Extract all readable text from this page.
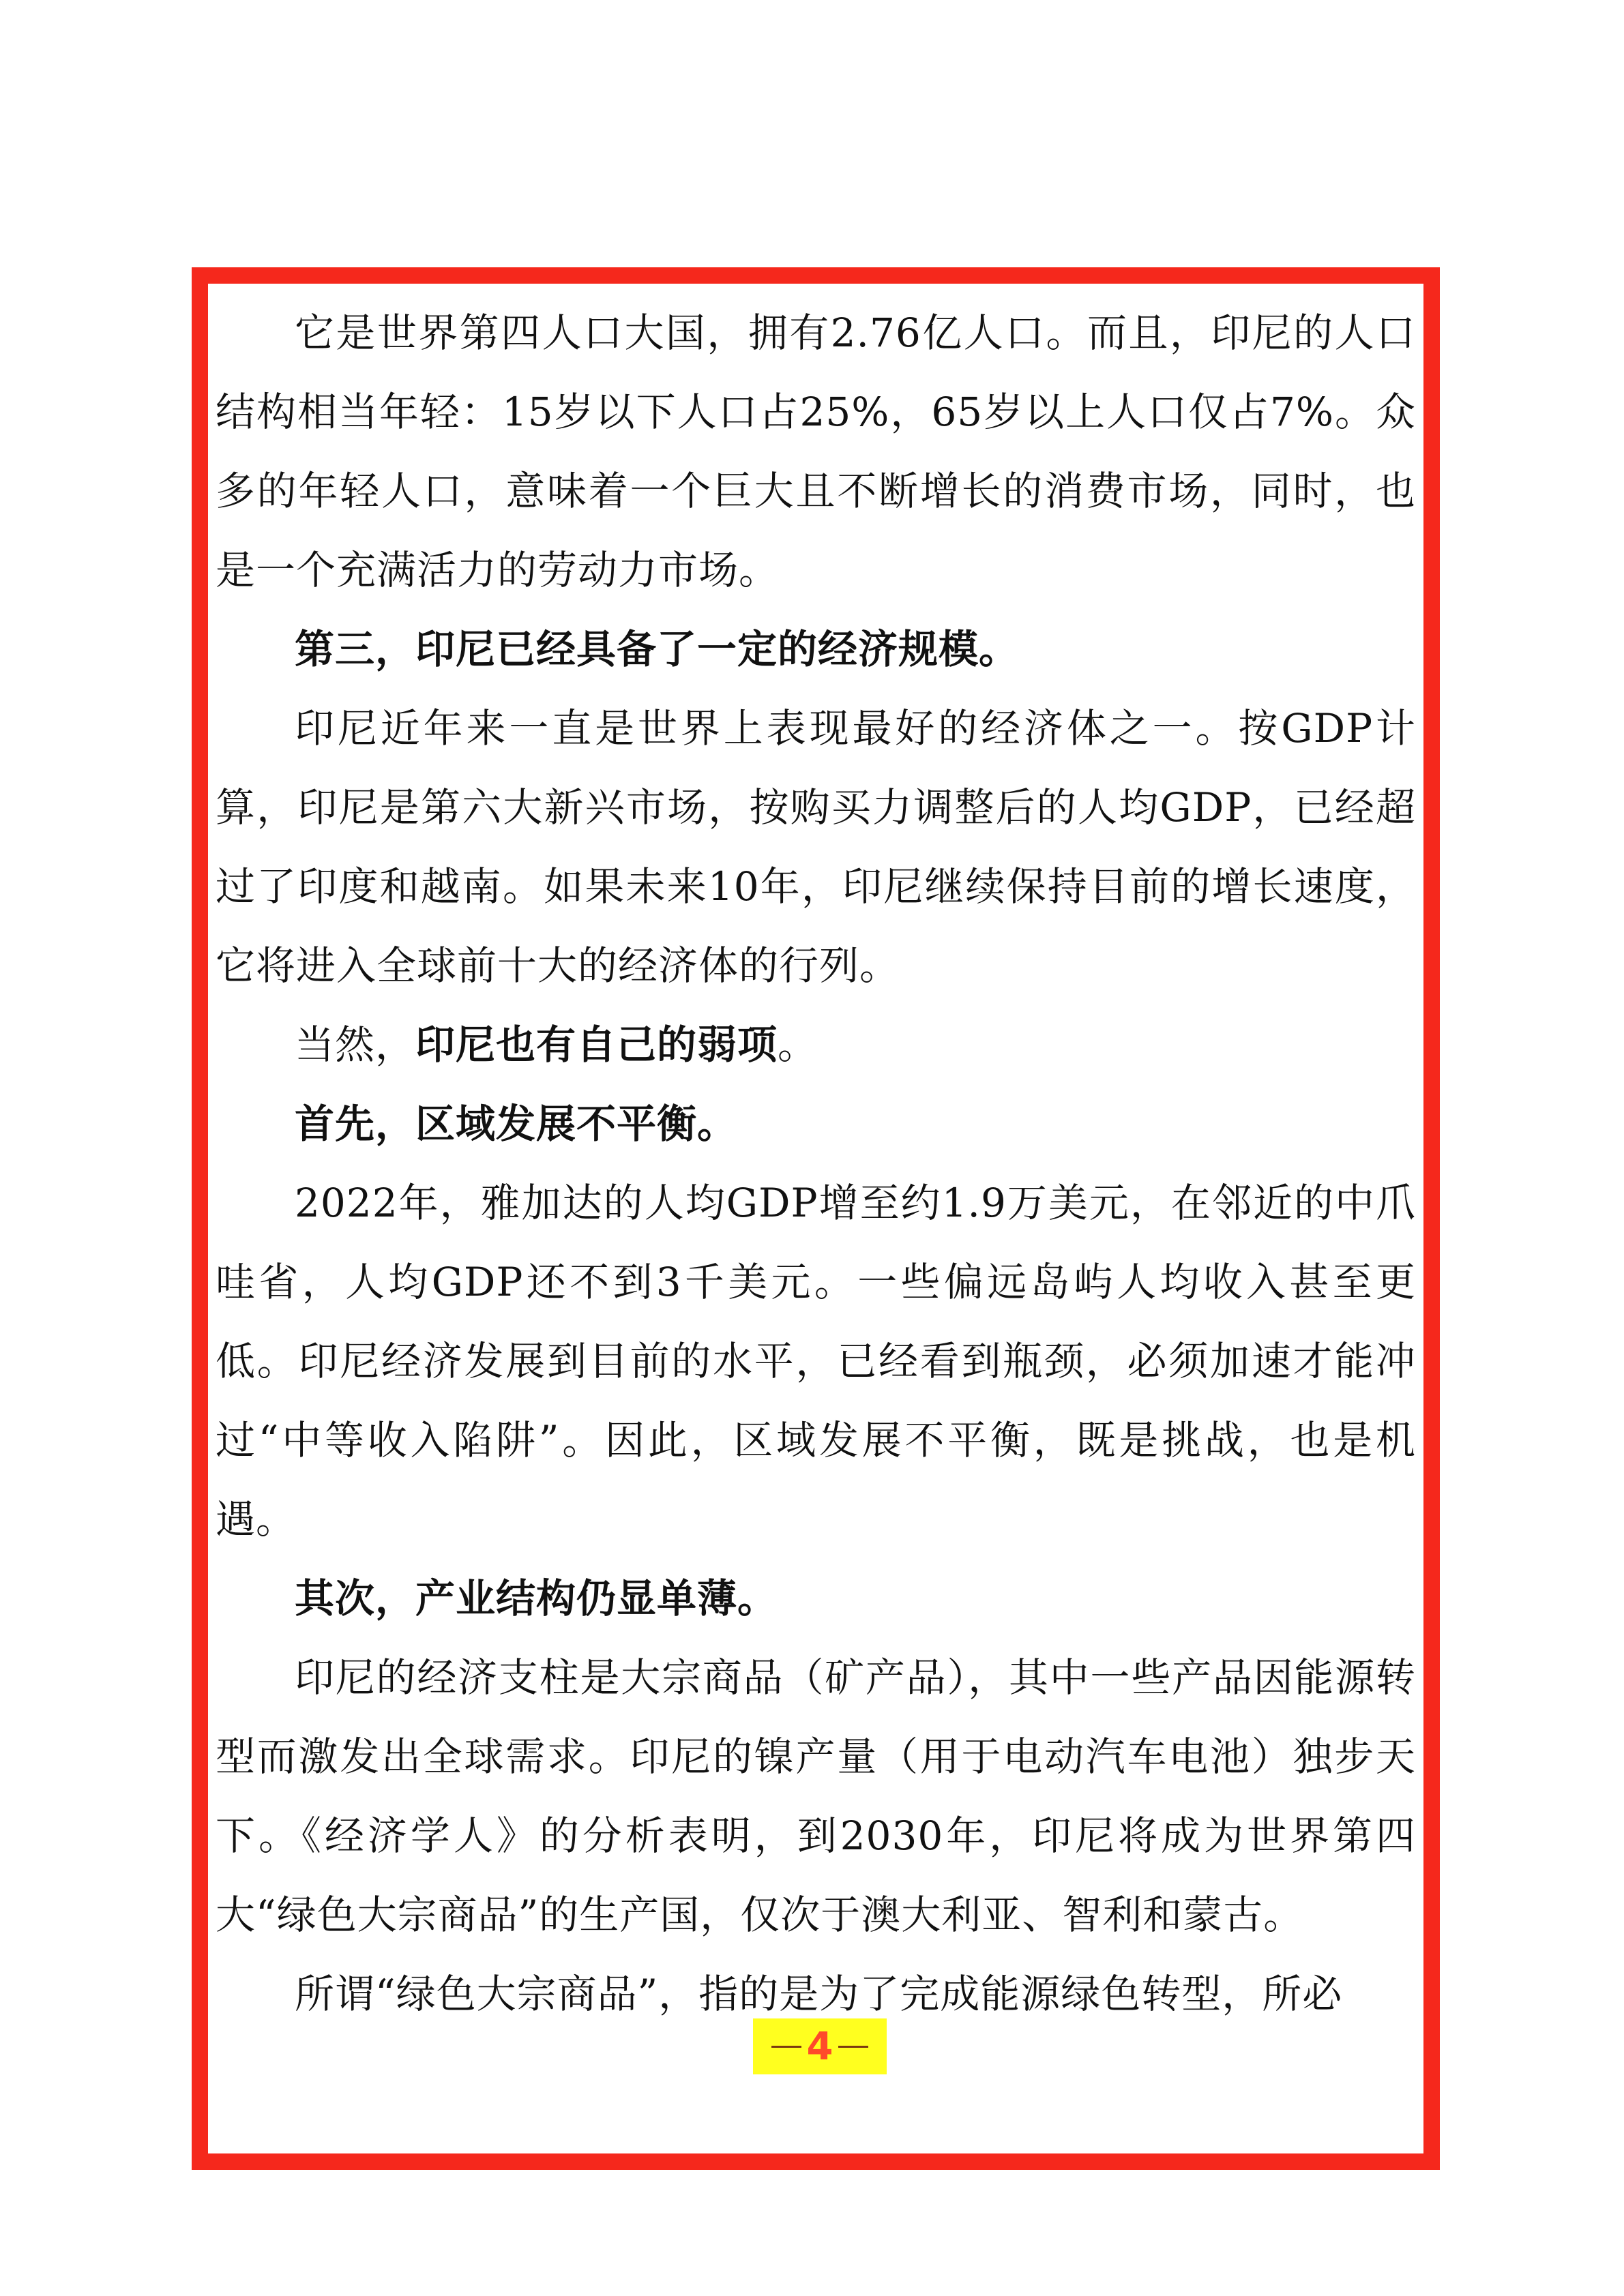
它是世界第四人口大国，拥有2.76亿人口。而且，印尼的人口结构相当年轻：15岁以下人口占25%，65岁以上人口仅占7%。众多的年轻人口，意味着一个巨大且不断增长的消费市场，同时，也是一个充满活力的劳动力市场。

第三，印尼已经具备了一定的经济规模。

印尼近年来一直是世界上表现最好的经济体之一。按GDP计算，印尼是第六大新兴市场，按购买力调整后的人均GDP，已经超过了印度和越南。如果未来10年，印尼继续保持目前的增长速度，它将进入全球前十大的经济体的行列。

当然，印尼也有自己的弱项。

首先，区域发展不平衡。

2022年，雅加达的人均GDP增至约1.9万美元，在邻近的中爪哇省，人均GDP还不到3千美元。一些偏远岛屿人均收入甚至更低。印尼经济发展到目前的水平，已经看到瓶颈，必须加速才能冲过“中等收入陷阱”。因此，区域发展不平衡，既是挑战，也是机遇。

其次，产业结构仍显单薄。

印尼的经济支柱是大宗商品（矿产品），其中一些产品因能源转型而激发出全球需求。印尼的镍产量（用于电动汽车电池）独步天下。《经济学人》的分析表明，到2030年，印尼将成为世界第四大“绿色大宗商品”的生产国，仅次于澳大利亚、智利和蒙古。

所谓“绿色大宗商品”，指的是为了完成能源绿色转型，所必

4
